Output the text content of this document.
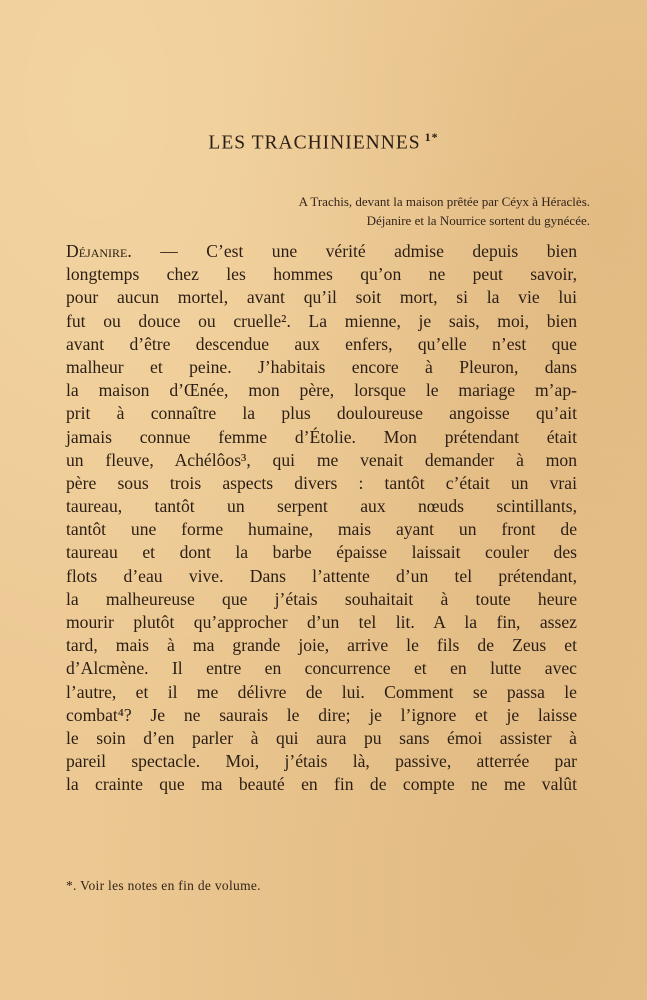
LES TRACHINIENNES $^{1*}$
A Trachis, devant la maison prêtée par Céyx à Héraclès.
Déjanire et la Nourrice sortent du gynécée.
Déjanire. — C’est une vérité admise depuis bien
longtemps chez les hommes qu’on ne peut savoir,
pour aucun mortel, avant qu’il soit mort, si la vie lui
fut ou douce ou cruelle². La mienne, je sais, moi, bien
avant d’être descendue aux enfers, qu’elle n’est que
malheur et peine. J’habitais encore à Pleuron, dans
la maison d’Œnée, mon père, lorsque le mariage m’ap-
prit à connaître la plus douloureuse angoisse qu’ait
jamais connue femme d’Étolie. Mon prétendant était
un fleuve, Achélôos³, qui me venait demander à mon
père sous trois aspects divers : tantôt c’était un vrai
taureau, tantôt un serpent aux nœuds scintillants,
tantôt une forme humaine, mais ayant un front de
taureau et dont la barbe épaisse laissait couler des
flots d’eau vive. Dans l’attente d’un tel prétendant,
la malheureuse que j’étais souhaitait à toute heure
mourir plutôt qu’approcher d’un tel lit. A la fin, assez
tard, mais à ma grande joie, arrive le fils de Zeus et
d’Alcmène. Il entre en concurrence et en lutte avec
l’autre, et il me délivre de lui. Comment se passa le
combat⁴? Je ne saurais le dire; je l’ignore et je laisse
le soin d’en parler à qui aura pu sans émoi assister à
pareil spectacle. Moi, j’étais là, passive, atterrée par
la crainte que ma beauté en fin de compte ne me valût
*. Voir les notes en fin de volume.
